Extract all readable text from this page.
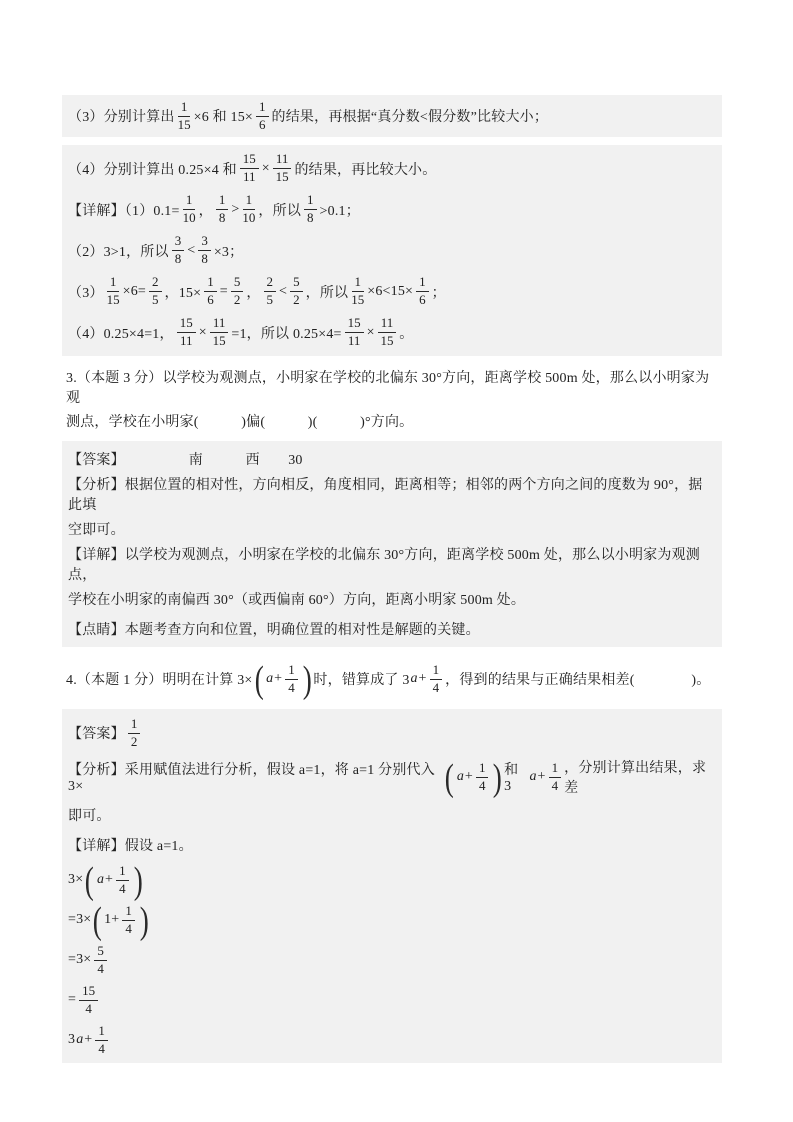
（3）分别计算出 $\frac{1}{15} \times 6$ 和 $15\times \frac{1}{6}$ 的结果，再根据“真分数<假分数”比较大小；
（4）分别计算出 0.25×4 和 $\frac{15}{11} \times \frac{11}{15}$ 的结果，再比较大小。
【详解】$(1)0.1= \frac{1}{10}$ ， $\frac{1}{8} > \frac{1}{10}$ ，所以 $\frac{1}{8} >0.1$；
（2）3>1，所以 $\frac{3}{8} < \frac{3}{8} \times 3$；
$(3) \frac{1}{15} \times 6= \frac{2}{5}$ ，$15\times \frac{1}{6} = \frac{5}{2}$ ， $\frac{2}{5} < \frac{5}{2}$ ，所以 $\frac{1}{15} \times 6<15\times \frac{1}{6}$ ；
（4）0.25×4=1， $\frac{15}{11} \times \frac{11}{15} =1$，所以 $0.25\times 4= \frac{15}{11} \times \frac{11}{15}$ 。
3.（本题 3 分）以学校为观测点，小明家在学校的北偏东 30°方向，距离学校 500m 处，那么以小明家为观
测点，学校在小明家(　　　)偏(　　　)(　　　)°方向。
【答案】　　　　　南　　　西　　30
【分析】根据位置的相对性，方向相反，角度相同，距离相等；相邻的两个方向之间的度数为 90°，据此填
空即可。
【详解】以学校为观测点，小明家在学校的北偏东 30°方向，距离学校 500m 处，那么以小明家为观测点，
学校在小明家的南偏西 30°（或西偏南 60°）方向，距离小明家 500m 处。
【点睛】本题考查方向和位置，明确位置的相对性是解题的关键。
4.（本题 1 分）明明在计算 3× ( $a + \frac{1}{4}$ ) 时，错算成了 3 $a + \frac{1}{4}$ ，得到的结果与正确结果相差(　　　　)。
【答案】 $\frac{1}{2}$
【分析】采用赋值法进行分析，假设 a=1，将 a=1 分别代入 3×	( $a + \frac{1}{4}$ ) 和 3
$a + \frac{1}{4}$ ，分别计算出结果，求差
即可。
【详解】假设 a=1。
3× ( $a + \frac{1}{4}$ )
=3× ( $1+ \frac{1}{4}$ )
$=3\times \frac{5}{4}$
= $\frac{15}{4}$
3 $a + \frac{1}{4}$
